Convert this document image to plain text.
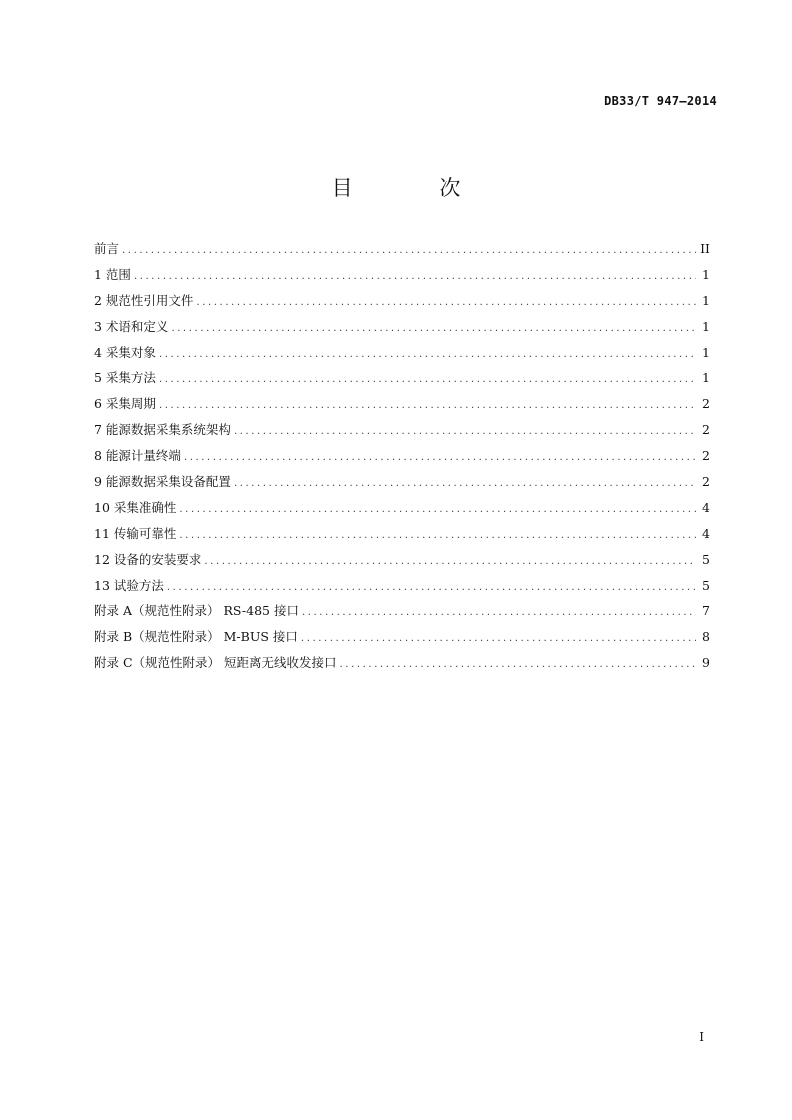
DB33/T 947—2014
目 次
前言 .....	II
1 范围 .....	1
2 规范性引用文件 .....	1
3 术语和定义 .....	1
4 采集对象 .....	1
5 采集方法 .....	1
6 采集周期 .....	2
7 能源数据采集系统架构 .....	2
8 能源计量终端 .....	2
9 能源数据采集设备配置 .....	2
10 采集准确性 .....	4
11 传输可靠性 .....	4
12 设备的安装要求 .....	5
13 试验方法 .....	5
附录 A（规范性附录） RS-485 接口 .....	7
附录 B（规范性附录） M-BUS 接口 .....	8
附录 C（规范性附录） 短距离无线收发接口 .....	9
I
